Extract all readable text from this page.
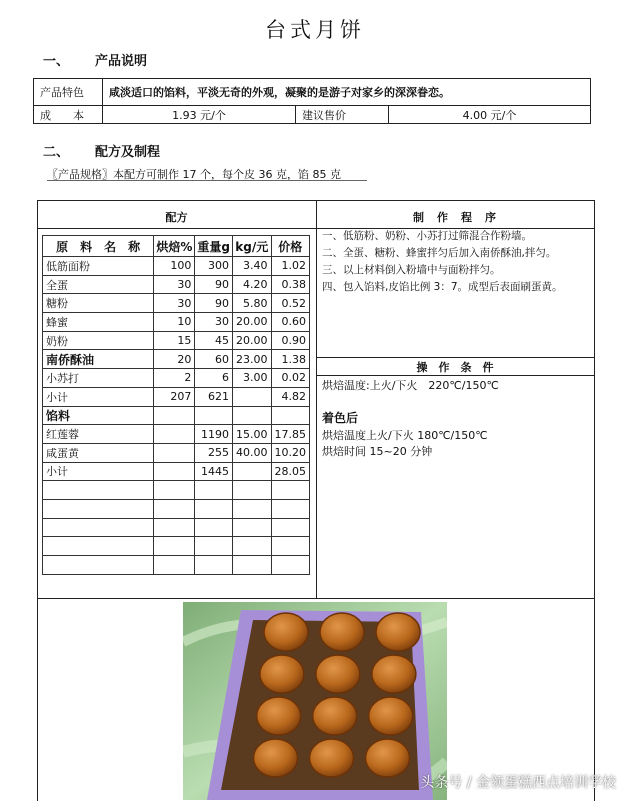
台式月饼
一、 产品说明
产品特色	咸淡适口的馅料，平淡无奇的外观，凝聚的是游子对家乡的深深眷恋。		
成　　本	1.93 元/个	建议售价	4.00 元/个
二、 配方及制程
〖产品规格〗本配方可制作 17 个，每个皮 36 克，馅 85 克
配方	制　作　程　序
原　料　名　称	烘焙%	重量g	kg/元	价格
低筋面粉	100	300	3.40	1.02
全蛋	30	90	4.20	0.38
糖粉	30	90	5.80	0.52
蜂蜜	10	30	20.00	0.60
奶粉	15	45	20.00	0.90
南侨酥油	20	60	23.00	1.38
小苏打	2	6	3.00	0.02
小计	207	621		4.82
馅料				
红莲蓉		1190	15.00	17.85
咸蛋黄		255	40.00	10.20
小计		1445		28.05

一、低筋粉、奶粉、小苏打过筛混合作粉墙。
二、全蛋、糖粉、蜂蜜拌匀后加入南侨酥油,拌匀。
三、以上材料倒入粉墙中与面粉拌匀。
四、包入馅料,皮馅比例 3：7。成型后表面刷蛋黄。
操　作　条　件
烘焙温度:上火/下火　220℃/150℃
着色后
烘焙温度上火/下火 180℃/150℃
烘焙时间 15~20 分钟
头条号 / 金领蛋糕西点培训学校
